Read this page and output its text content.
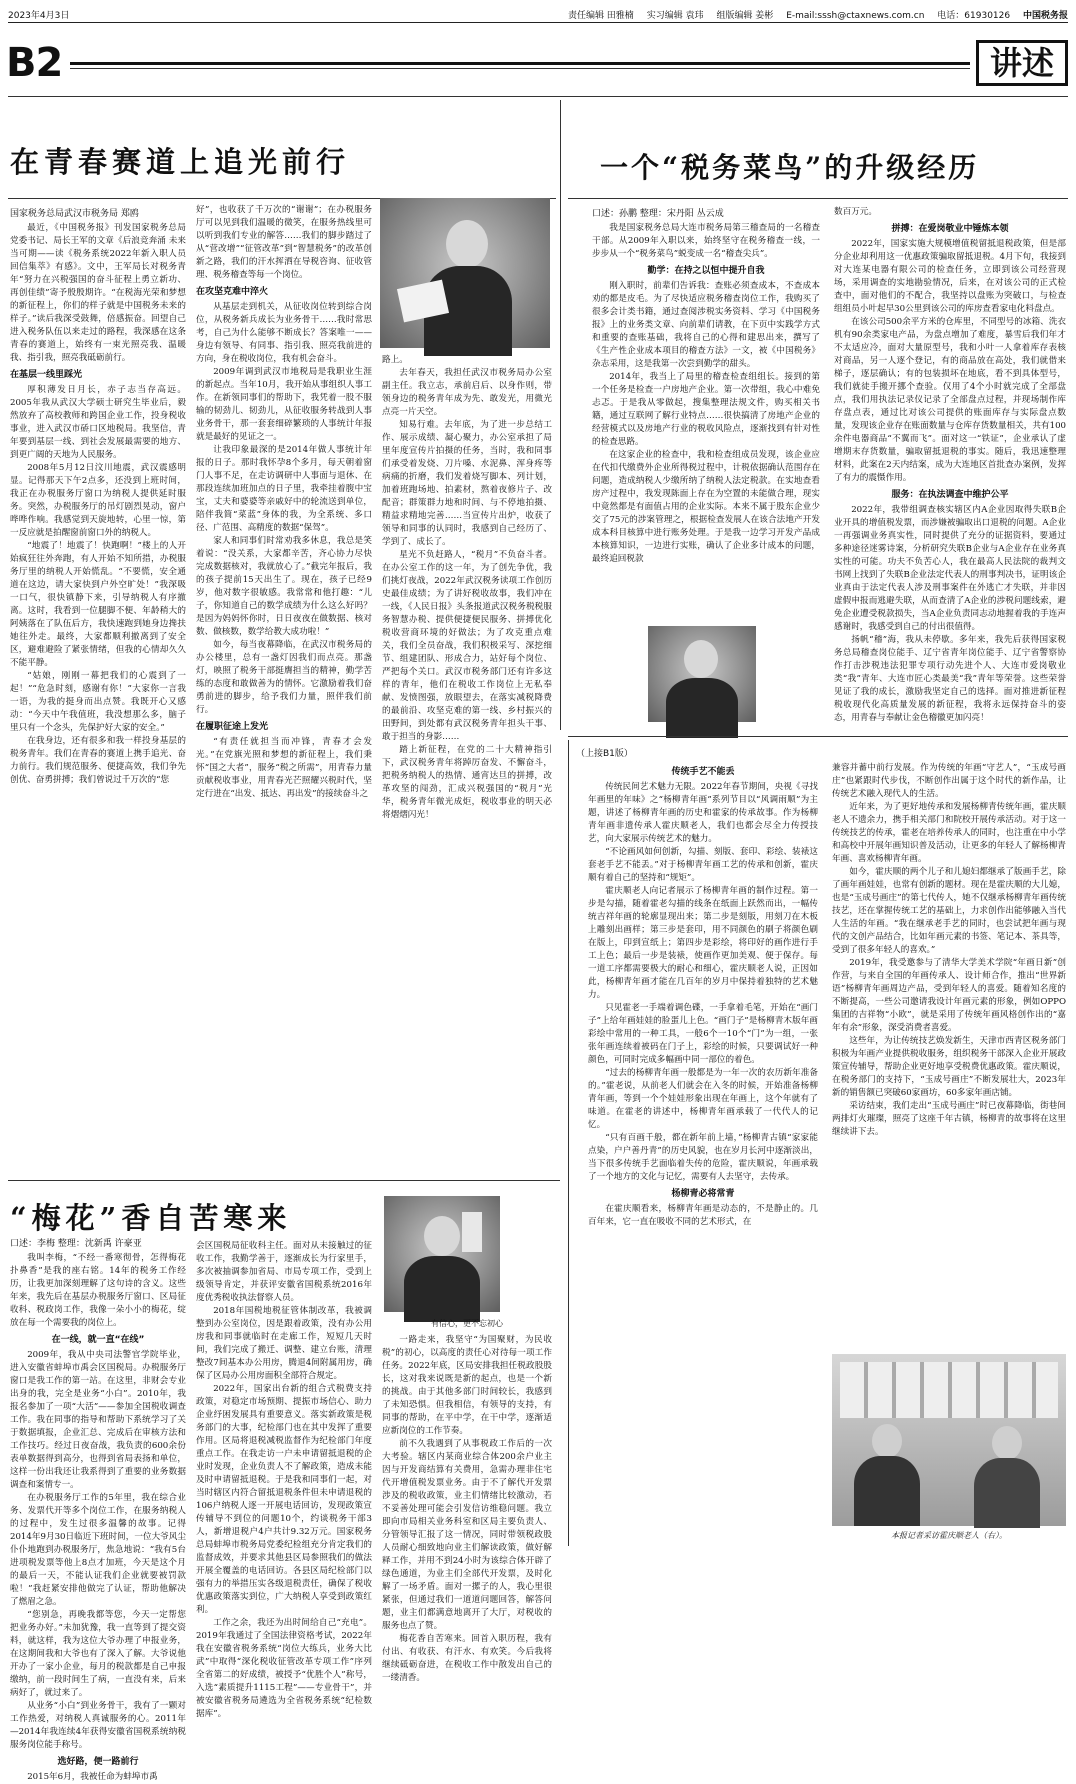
2023年4月3日	责任编辑 田雅楠 实习编辑 袁玮 组版编辑 姜彬 E-mail:sssh@ctaxnews.com.cn 电话：61930126 中国税务报
B2	讲述
在青春赛道上追光前行
国家税务总局武汉市税务局 郑鸥

最近，《中国税务报》刊发国家税务总局党委书记、局长王军的文章《后浪竞奔涌 未来当可期——读《税务系统2022年新入职人员回信集萃》有感》。文中，王军局长对税务青年“努力在兴税强国的奋斗征程上勇立新功、再创佳绩”寄予殷殷期许。“在税海光荣和梦想的新征程上，你们的样子就是中国税务未来的样子。”读后我深受鼓舞，倍感振奋。回望自己进入税务队伍以来走过的路程，我深感在这条青春的赛道上，始终有一束光照亮我、温暖我、指引我，照亮我砥砺前行。

在基层一线里踩光

厚积薄发日月长，赤子志当存高远。2005年我从武汉大学硕士研究生毕业后，毅然放弃了高校教师和跨国企业工作，投身税收事业，进入武汉市硚口区地税局。我坚信，青年要到基层一线、到社会发展最需要的地方、到更广阔的天地为人民服务。

2008年5月12日汶川地震，武汉震感明显。记得那天下午2点多，还没到上班时间，我正在办税服务厅窗口为纳税人提供延时服务。突然，办税服务厅的吊灯剧烈晃动，窗户哗哗作响。我感觉到天旋地转，心里一惊，第一反应就是拍醒窗前窗口外的纳税人。

“地震了！地震了！快跑啊！”楼上的人开始疯狂往外奔跑，有人开始不知所措，办税服务厅里的纳税人开始慌乱。“不要慌，安全通道在这边，请大家快到户外空旷处！”我深吸一口气，很快镇静下来，引导纳税人有序撤离。这时，我看到一位腿脚不便、年龄稍大的阿姨落在了队伍后方，我快速跑到她身边搀扶她往外走。最终，大家都顺利撤离到了安全区，避难避险了紧张情绪，但我的心情却久久不能平静。

“姑娘，刚刚一幕把我们的心震到了一起！”“危急时刻，感谢有你！”大家你一言我一语，为我的挺身而出点赞。我既开心又感动：“今天中午我值班，我没想那么多，脑子里只有一个念头，先保护好大家的安全。”

在我身边，还有很多和我一样投身基层的税务青年。我们在青春的赛道上携手追光、奋力前行。我们规范服务、便捷高效，我们争先创优、奋勇拼搏；我们曾说过千万次的“您

好”，也收获了千万次的“谢谢”；在办税服务厅可以见到我们温暖的微笑，在服务热线里可以听到我们专业的解答……我们的脚步踏过了从“营改增”“征管改革”到“智慧税务”的改革创新之路，我们的汗水挥洒在导税咨询、征收管理、税务稽查等每一个岗位。

在攻坚克难中淬火

从基层走到机关，从征收岗位转到综合岗位，从税务新兵成长为业务骨干……我时常思考，自己为什么能够不断成长？答案唯一——身边有领导、有同事、指引我、照亮我前进的方向，身在税收岗位，我有机会奋斗。

2009年调到武汉市地税局是我职业生涯的新起点。当年10月，我开始从事组织人事工作。在新领同事们的帮助下，我凭着一股不服输的韧劲儿、韧劲儿，从征收服务转战到人事业务骨干，那一套套细碎繁琐的人事统计年报就是最好的见证之一。

让我印象最深的是2014年做人事统计年报的日子。那时我怀孕8个多月，每天朝着窗门人事不足，在走访调研中人事面与退休、在那段连续加班加点的日子里，我牵挂着腹中宝宝，丈夫和婆婆等亲戚好中的轮流送到单位，陪伴我简“菜蓝”身体的我，为全系统、多口径、广范围、高精度的数据“保驾”。

家人和同事们时常劝我多休息，我总是笑着说：“没关系，大家都辛苦，齐心协力尽快完成数据核对，我就放心了。”截完年报后，我的孩子提前15天出生了。现在，孩子已经9岁，他对数字很敏感。我常常和他打趣：“儿子，你知道自己的数学成绩为什么这么好吗？是因为妈妈怀你时，日日夜夜在做数据、核对数、做核数，数学给教大成功啦！”

如今，每当夜幕降临，在武汉市税务局的办公楼里，总有一盏灯因我们而点亮。那盏灯，映照了税务干部挺膺担当的精神，勤学苦练的态度和敢做善为的情怀。它激励着我们奋勇前进的脚步，给予我们力量，照伴我们前行。

在履职征途上发光

“有责任就担当而冲锋，青春才会发光。”在党旗光照和梦想的新征程上，我们秉怀“国之大者”，服务“税之所需”，用青春力量贡献税收事业，用青春光芒照耀兴税时代，坚定行进在“出发、抵达、再出发”的接续奋斗之

路上。

去年春天，我担任武汉市税务局办公室副主任。我立志，承前启后、以身作则，带领身边的税务青年成为先、敢发光，用微光点亮一片天空。

知易行难。去年底，为了进一步总结工作、展示成绩、凝心聚力，办公室承担了局里年度宣传片拍摄的任务，当时，我和同事们承受着发烧、刀片嗓、水泥鼻、浑身疼等病痛的折磨，我们发着烧写脚本、列计划，加着班跑场地、拍素材，熬着夜修片子、改配音；群策群力地和时间、与不停地拍摄、精益求精地完善……当宣传片出炉，收获了领导和同事的认同时，我感到自己经历了、学到了、成长了。

星光不负赶路人，“税月”不负奋斗者。在办公室工作的这一年，为了创先争优，我们挑灯夜战，2022年武汉税务读项工作创历史最佳成绩；为了讲好税收故事，我们冲在一线，《人民日报》头条报道武汉税务税税服务智慧办税、提供便捷便民服务、拼搏优化税收营商环境的好做法；为了攻克重点难关，我们全员奋战，我们积极采写、深挖细节、组建团队、形成合力，站好每个岗位、严把每个关口。武汉市税务部门还有许多这样的青年，他们在税收工作岗位上无私奉献、发愤图强，放眼望去，在落实减税降费的最前沿、攻坚克难的第一线、乡村振兴的田野间，到处都有武汉税务青年担头干事、敢于担当的身影……

踏上新征程，在党的二十大精神指引下，武汉税务青年将踔厉奋发、不懈奋斗，把税务纳税人的热情、通宵达旦的拼搏，改革攻坚的闯劲，汇成兴税强国的“税月”光华，税务青年微光成炬，税收事业的明天必将熠熠闪光！

一个“税务菜鸟”的升级经历
口述：孙鹏 整理：宋丹阳 丛云成

我是国家税务总局大连市税务局第三稽查局的一名稽查干部。从2009年入职以来，始终坚守在税务稽查一线，一步步从一个“税务菜鸟”蜕变成一名“稽查尖兵”。

勤学：在持之以恒中提升自我

刚入职时，前辈们告诉我：查账必须查成本，不查成本劝的都是皮毛。为了尽快适应税务稽查岗位工作，我购买了很多会计类书籍，通过查阅涉税实务资料、学习《中国税务报》上的业务类文章、向前辈们请教，在下页中实践学方式和重要的查账基础，我将自己的心得和建思出来，撰写了《生产性企业成本项目的稽查方法》一文，被《中国税务》杂志采用，这是我第一次尝到勤学的甜头。

2014年，我当上了局里的稽查检查组组长。接到的第一个任务是检查一户房地产企业。第一次带组，我心中难免忐忑。于是我从零做起，搜集整理法规文件，购买相关书籍，通过互联网了解行业特点……很快搞清了房地产企业的经营模式以及房地产行业的税收风险点，逐渐找到有针对性的检查思路。

在这家企业的检查中，我和检查组成员发现，该企业应在代扣代缴费外企业所得税过程中，计税依据确认范围存在问题，造成纳税人少缴所纳了纳税人法定税款。在实地查看房产过程中，我发现陈面上存在为空置的未能做合理，现实中竟然都是有面值占用的企业实际。本来不属于股东企业少交了75元的涉案管理之，根据检查发展人在该合法地产开发成本科目核算中进行账务处理。于是我一边学习开发产品成本核算知识，一边进行实账，确认了企业多计成本的问题，最终追回税款

数百万元。

拼搏：在爱岗敬业中锤炼本领

2022年，国家实施大规模增值税留抵退税政策，但是部分企业却利用这一优惠政策骗取留抵退税。4月下旬，我接到对大连某电器有限公司的检查任务，立即到该公司经营现场，采用调查的实地勘验情况，后来，在对该公司的正式检查中，面对他们的不配合，我坚持以盘账为突破口，与检查组组员小叶起早30公里到该公司的库房查看家电化料盘点。

在该公司500余平方米的仓库里，不同型号的冰箱、洗衣机有90余类家电产品，为盘点增加了难度，暴雪后我们年才不太适应冷，面对大量原型号，我和小叶一人拿着库存表核对商品，另一人逐个登记，有的商品放在高处，我们就借来梯子，逐层确认；有的包装损坏在地底，看不到具体型号，我们就徒手搬开挪个查验。仅用了4个小时就完成了全部盘点，我们用执法记录仪记录了全部盘点过程，并现场制作库存盘点表，通过比对该公司提供的账面库存与实际盘点数量，发现该企业存在账面数量与仓库存货数量相关，共有100余件电器商品“不翼而飞”。面对这一“铁证”，企业承认了虚增期末存货数量，骗取留抵退税的事实。随后，我迅速整理材料，此案在2天内结案，成为大连地区首批查办案例，发挥了有力的震慑作用。

服务：在执法调查中维护公平

2022年，我带组调查核实辖区内A企业因取得失联B企业开具的增值税发票，而涉嫌被骗取出口退税的问题。A企业一再强调业务真实性，同时提供了充分的证据资料，要通过多种途径迷雾诗案，分析研究失联B企业与A企业存在业务真实性的可能。功夫不负苦心人，我在最高人民法院的裁判文书网上找到了失联B企业法定代表人的刑事判决书，证明该企业真由于法定代表人涉及刑事案件在外逃亡才失联，并非因虚假申报而逃避失联，从而查清了A企业的涉税问题线索，避免企业遭受税款损失，当A企业负责同志动地握着我的手连声感谢时，我感受到自己的付出很值得。

扬帆“稽”海，我从未停歇。多年来，我先后获得国家税务总局稽查岗位能手、辽宁省青年岗位能手、辽宁省警察协作打击涉税违法犯罪专项行动先进个人、大连市爱岗敬业类“我”青年、大连市匠心类最美“我”青年等荣誉。这些荣誉见证了我的成长，激励我坚定自己的选择。面对推进新征程税收现代化高质量发展的新征程，我将永远保持奋斗的姿态，用青春与奉献让金色稽徽更加闪亮！

（上接B1版）
传统手艺不能丢

传统民间艺术魅力无限。2022年春节期间，央视《寻找年画里的年味》之“杨柳青年画”系列节目以“风调雨顺”为主题，讲述了杨柳青年画的历史和霍家的传承故事。作为杨柳青年画非遗传承人霍庆顺老人，我们也都会尽全力传授技艺，向大家展示传统艺术的魅力。

“不论画风如何创新，勾描、刻版、套印、彩绘、装裱这套老手艺不能丢。”对于杨柳青年画工艺的传承和创新，霍庆顺有着自己的坚持和“规矩”。

霍庆顺老人向记者展示了杨柳青年画的制作过程。第一步是勾描，随着霍老勾描的线条在纸面上跃然而出，一幅传统吉祥年画的轮廓显现出来；第二步是刻版，用刻刀在木板上雕刻出画样；第三步是套印，用不同颜色的刷子将颜色刷在版上，印到宣纸上；第四步是彩绘，将印好的画作进行手工上色；最后一步是装裱，使画作更加美观、便于保存。每一道工序都需要极大的耐心和细心，霍庆顺老人说，正因如此，杨柳青年画才能在几百年的岁月中保持着独特的艺术魅力。

只见霍老一手端着调色碟，一手拿着毛笔，开始在“画门子”上给年画娃娃的脸蛋儿上色。“画门子”是杨柳青木版年画彩绘中常用的一种工具，一般6个一10个“门”为一组，一张张年画连续着被码在门子上，彩绘的时候，只要调试好一种颜色，可同时完成多幅画中同一部位的着色。

“过去的杨柳青年画一般都是为一年一次的农历新年准备的。”霍老说，从前老人们就会在入冬的时候，开始准备杨柳青年画，等到一个个娃娃形象出现在年画上，这个年就有了味道。在霍老的讲述中，杨柳青年画承载了一代代人的记忆。

“只有百画千般，都在新年前上墙，”杨柳青古镇“家家能点染，户户善丹青”的历史风貌，也在岁月长河中逐渐淡出，当下很多传统手艺面临着失传的危险，霍庆顺说，年画承载了一个地方的文化与记忆，需要有人去坚守，去传承。

杨柳青必将常青

在霍庆顺看来，杨柳青年画是动态的，不是静止的。几百年来，它一直在吸收不同的艺术形式，在

兼容并蓄中前行发展。作为传统的年画“守艺人”，“玉成号画庄”也紧跟时代步伐，不断创作出属于这个时代的新作品，让传统艺术融入现代人的生活。

近年来，为了更好地传承和发展杨柳青传统年画，霍庆顺老人不遗余力，携手相关部门和院校开展传承活动。对于这一传统技艺的传承，霍老在培养传承人的同时，也注重在中小学和高校中开展年画知识普及活动，让更多的年轻人了解杨柳青年画、喜欢杨柳青年画。

如今，霍庆顺的两个儿子和儿媳妇都继承了版画手艺，除了画年画娃娃，也常有创新的题材。现在是霍庆顺的大儿媳，也是“玉成号画庄”的第七代传人，她不仅继承杨柳青年画传统技艺，还在掌握传统工艺的基础上，力求创作出能够融入当代人生活的年画。“我在继承老手艺的同时，也尝试把年画与现代的文创产品结合，比如年画元素的书签、笔记本、茶具等，受到了很多年轻人的喜欢。”

2019年，我受邀参与了清华大学美术学院“年画日新”创作营，与来自全国的年画传承人、设计师合作，推出“世界新语”杨柳青年画周边产品，受到年轻人的喜爱。随着知名度的不断提高，一些公司邀请我设计年画元素的形象，例如OPPO集团的吉祥物“小欧”，就是采用了传统年画风格创作出的“嘉年有余”形象，深受消费者喜爱。

这些年，为让传统技艺焕发新生，天津市西青区税务部门积极为年画产业提供税收服务，组织税务干部深入企业开展政策宣传辅导，帮助企业更好地享受税费优惠政策。霍庆顺说，在税务部门的支持下，“玉成号画庄”不断发展壮大，2023年新的销售额已突破60家画坊，60多家年画店铺。

采访结束，我们走出“玉成号画庄”时已夜幕降临，街巷间两排灯火璀璨，照亮了这座千年古镇，杨柳青的故事将在这里继续讲下去。

本报记者采访霍庆顺老人（右）。
“梅花”香自苦寒来
口述：李梅 整理：沈新禹 许豪亚

我叫李梅，“不经一番寒彻骨，怎得梅花扑鼻香”是我的座右铭。14年的税务工作经历，让我更加深刻理解了这句诗的含义。这些年来，我先后在基层办税服务厅窗口、区局征收科、税政岗工作，我像一朵小小的梅花，绽放在每一个需要我的岗位上。

在一线，就一直“在线”

2009年，我从中央司法警官学院毕业，进入安徽省蚌埠市禹会区国税局。办税服务厅窗口是我工作的第一站。在这里，非财会专业出身的我，完全是业务“小白”。2010年，我报名参加了一项“大活”——参加全国税收调查工作。我在同事的指导和帮助下系统学习了关于数据填报，企业汇总、完成后在审核方法和工作技巧。经过日夜奋战，我负责的600余份表单数据得到高分，也得到省局表扬和单位，这样一份出我还让我系得到了重要的业务数据调查和案情专一。

在办税服务厅工作的5年里，我在综合业务、发票代开等多个岗位工作，在服务纳税人的过程中，发生过很多温馨的故事。记得2014年9月30日临近下班时间，一位大爷风尘仆仆地跑到办税服务厅，焦急地说：“我有5台进项税发票等他上8点才加班，今天是这个月的最后一天，不能认证我们企业就要被罚款啦！”我赶紧安排他做完了认证，帮助他解决了燃眉之急。

“您别急，再晚我都等您，今天一定帮您把业务办好。”未加犹豫，我一直等到了提交资料，就这样，我为这位大爷办理了申报业务，在这期间我和大爷也有了深入了解。大爷说他开办了一家小企业，每月的税款都是自己申报缴纳，前一段时间生了病，一直没有来，后来病好了，就过来了。

从业务“小白”到业务骨干，我有了一颗对工作热爱，对纳税人真诚服务的心。2011年—2014年我连续4年获得安徽省国税系统纳税服务岗位能手称号。

选好路，便一路前行

2015年6月，我被任命为蚌埠市禹

会区国税局征收科主任。面对从未接触过的征收工作，我勤学善于，逐渐成长为行家里手，多次被抽调参加省局、市局专项工作，受到上级领导肯定，并获评安徽省国税系统2016年度优秀税收执法督察人员。

2018年国税地税征管体制改革，我被调整到办公室岗位，因是跟着政策，没有办公用房我和同事就临时在走廊工作，短短几天时间，我们完成了搬迁、调整、建立台账，清理整改7间基本办公用房，腾退4间附属用房，确保了区局办公用房面积全部符合规定。

2022年，国家出台新的组合式税费支持政策，对稳定市场预期、提振市场信心、助力企业纾困发展具有重要意义。落实新政策是税务部门的大事，纪检部门也在其中发挥了重要作用。区局将退税减税监督作为纪检部门年度重点工作。在我走访一户未申请留抵退税的企业时发现，企业负责人不了解政策，造成未能及时申请留抵退税。于是我和同事们一起，对当时辖区内符合留抵退税条件但未申请退税的106户纳税人逐一开展电话回访，发现政策宣传辅导不到位的问题10个，约谈税务干部3人，新增退税户4户共计9.32万元。国家税务总局蚌埠市税务局党委纪检组充分肯定我们的监督成效，并要求其他县区局参照我们的做法开展全覆盖的电话回访。各县区局纪检部门以强有力的举措压实各级退税责任，确保了税收优惠政策落实到位，广大纳税人享受到政策红利。

工作之余，我还为出时间给自己“充电”。2019年我通过了全国法律资格考试，2022年我在安徽省税务系统“岗位大练兵，业务大比武”中取得“深化税收征管改革专项工作”序列全省第二的好成绩，被授予“优胜个人”称号，入选“素质提升1115工程”——专业骨干”，并被安徽省税务局遴选为全省税务系统“纪检数据库”。

有信心，更不忘初心

一路走来，我坚守“为国聚财，为民收税”的初心，以高度的责任心对待每一项工作任务。2022年底，区局安排我担任税政股股长，这对我来说既是新的起点，也是一个新的挑战。由于其他多部门时间较长，我感到了未知恐惧。但我相信，有领导的支持，有同事的帮助，在平中学，在干中学，逐渐适应新岗位的工作节奏。

前不久我遇到了从事税政工作后的一次大考验。辖区内某商业综合体200余户业主因与开发商结算有关费用，急需办理非住宅代开增值税发票业务。由于不了解代开发票涉及的税收政策，业主们情绪比较激动，若不妥善处理可能会引发信访维稳问题。我立即向市局相关业务科室和区局主要负责人、分管领导汇报了这一情况，同时带领税政股人员耐心细致地向业主们解读政策，做好解释工作，并用不到24小时为该综合体开辟了绿色通道，为业主们全部代开发票，及时化解了一场矛盾。面对一摞子的人，我心里很紧张，但通过我们一道道问题回答，解答问题，业主们都满意地离开了大厅，对税收的服务也点了赞。

梅花香自苦寒来。回首入职历程，我有付出、有收获、有汗水、有欢笑。今后我将继续砥砺奋进，在税收工作中散发出自己的一缕清香。
